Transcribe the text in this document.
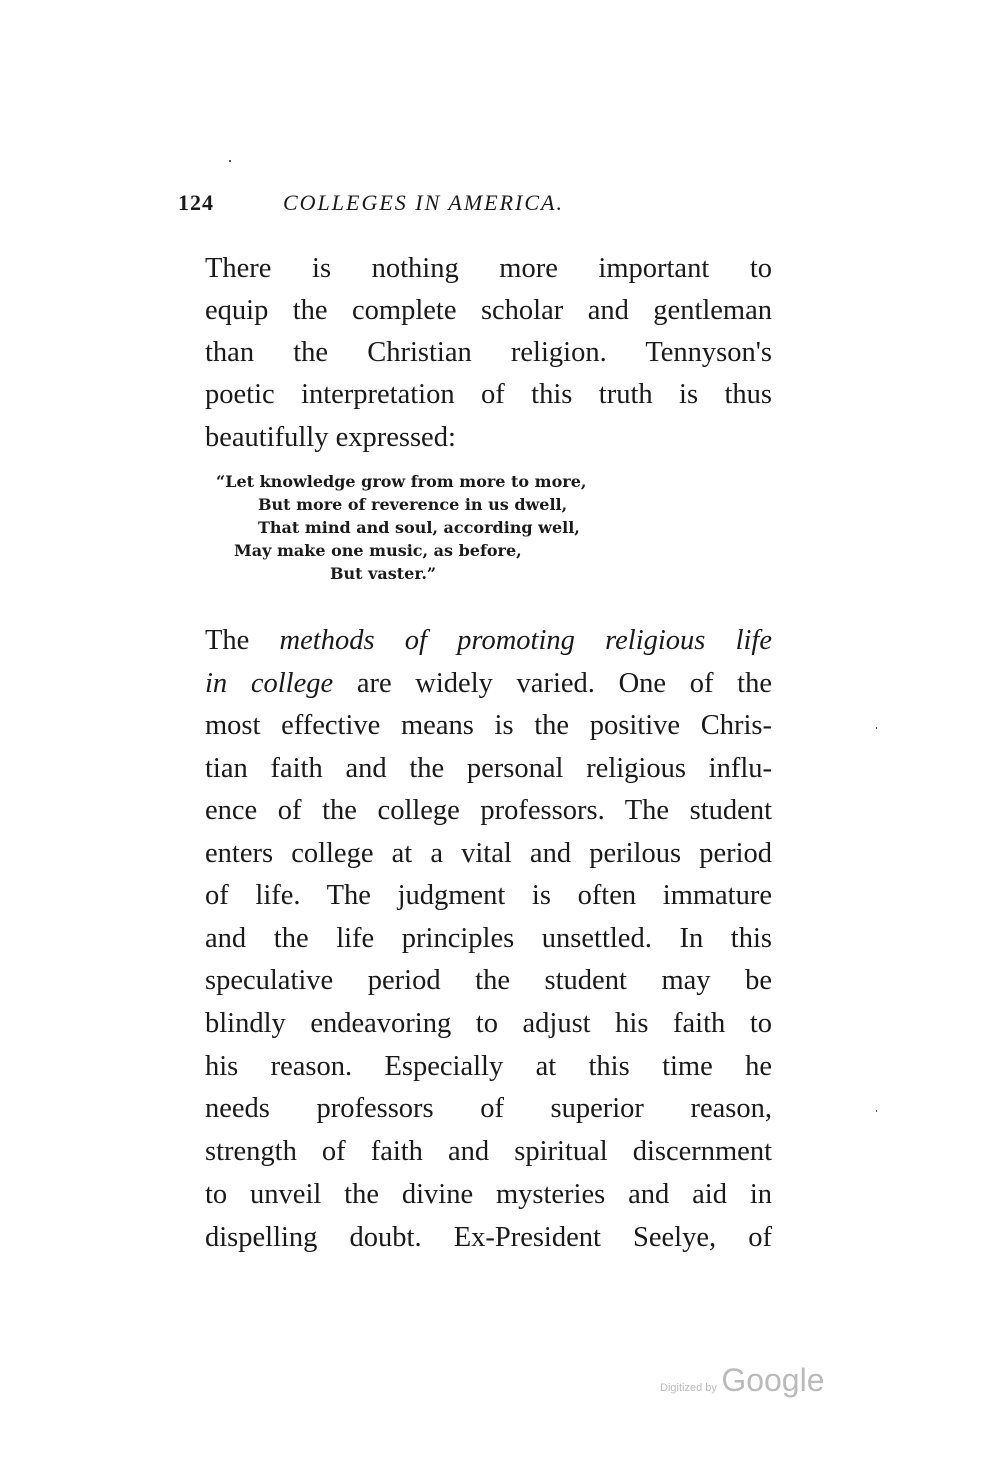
124	COLLEGES IN AMERICA.
There is nothing more important to
equip the complete scholar and gentleman
than the Christian religion. Tennyson's
poetic interpretation of this truth is thus
beautifully expressed:
“Let knowledge grow from more to more,
But more of reverence in us dwell,
That mind and soul, according well,
May make one music, as before,
But vaster.”
The methods of promoting religious life
in college are widely varied. One of the
most effective means is the positive Chris-
tian faith and the personal religious influ-
ence of the college professors. The student
enters college at a vital and perilous period
of life. The judgment is often immature
and the life principles unsettled. In this
speculative period the student may be
blindly endeavoring to adjust his faith to
his reason. Especially at this time he
needs professors of superior reason,
strength of faith and spiritual discernment
to unveil the divine mysteries and aid in
dispelling doubt. Ex-President Seelye, of
Digitized by Google
